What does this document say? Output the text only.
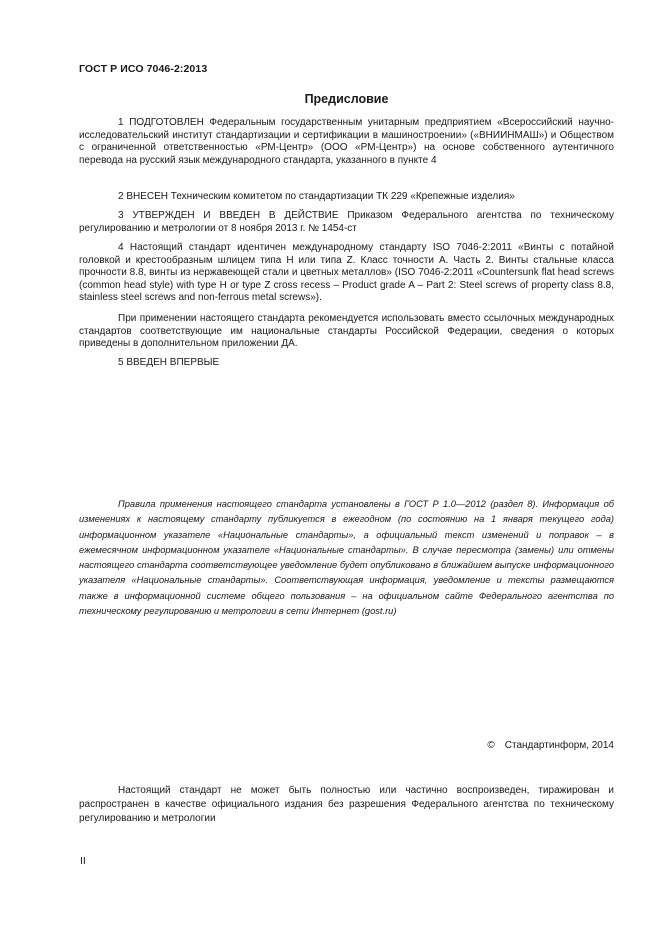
ГОСТ Р ИСО 7046-2:2013
Предисловие

1 ПОДГОТОВЛЕН Федеральным государственным унитарным предприятием «Всероссийский научно-исследовательский институт стандартизации и сертификации в машиностроении» («ВНИИНМАШ») и Обществом с ограниченной ответственностью «РМ-Центр» (ООО «РМ-Центр») на основе собственного аутентичного перевода на русский язык международного стандарта, указанного в пункте 4

2 ВНЕСЕН Техническим комитетом по стандартизации ТК 229 «Крепежные изделия»

3 УТВЕРЖДЕН И ВВЕДЕН В ДЕЙСТВИЕ Приказом Федерального агентства по техническому регулированию и метрологии от 8 ноября 2013 г. № 1454-ст

4 Настоящий стандарт идентичен международному стандарту ISO 7046-2:2011 «Винты с потайной головкой и крестообразным шлицем типа H или типа Z. Класс точности А. Часть 2. Винты стальные класса прочности 8.8, винты из нержавеющей стали и цветных металлов» (ISO 7046-2:2011 «Countersunk flat head screws (common head style) with type H or type Z cross recess – Product grade A – Part 2: Steel screws of property class 8.8, stainless steel screws and non-ferrous metal screws»).

При применении настоящего стандарта рекомендуется использовать вместо ссылочных международных стандартов соответствующие им национальные стандарты Российской Федерации, сведения о которых приведены в дополнительном приложении ДА.

5 ВВЕДЕН ВПЕРВЫЕ

Правила применения настоящего стандарта установлены в ГОСТ Р 1.0—2012 (раздел 8). Информация об изменениях к настоящему стандарту публикуется в ежегодном (по состоянию на 1 января текущего года) информационном указателе «Национальные стандарты», а официальный текст изменений и поправок – в ежемесячном информационном указателе «Национальные стандарты». В случае пересмотра (замены) или отмены настоящего стандарта соответствующее уведомление будет опубликовано в ближайшем выпуске информационного указателя «Национальные стандарты». Соответствующая информация, уведомление и тексты размещаются также в информационной системе общего пользования – на официальном сайте Федерального агентства по техническому регулированию и метрологии в сети Интернет (gost.ru)

© Стандартинформ, 2014

Настоящий стандарт не может быть полностью или частично воспроизведен, тиражирован и распространен в качестве официального издания без разрешения Федерального агентства по техническому регулированию и метрологии

II
